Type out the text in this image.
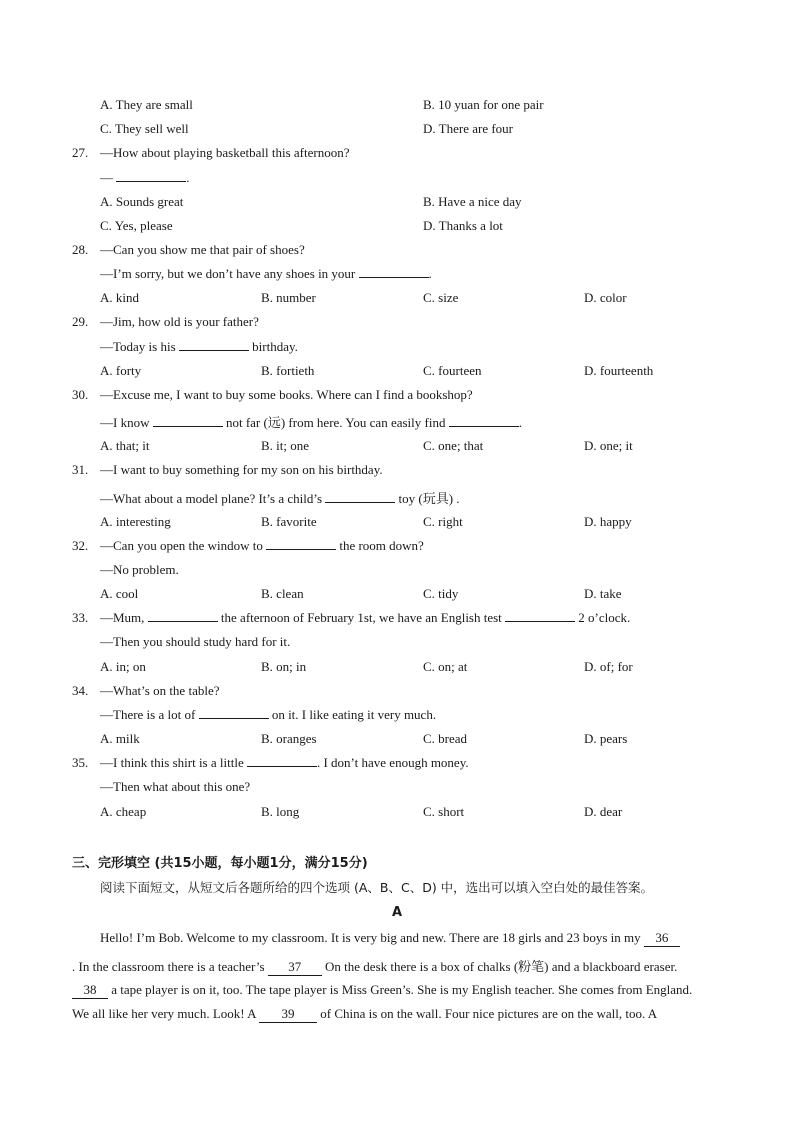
A. They are small	B. 10 yuan for one pair
C. They sell well	D. There are four
27. —How about playing basketball this afternoon?
—	.
A. Sounds great	B. Have a nice day
C. Yes, please	D. Thanks a lot
28. —Can you show me that pair of shoes?
—I’m sorry, but we don’t have any shoes in your	.
A. kind	B. number	C. size	D. color
29. —Jim, how old is your father?
—Today is his	birthday.
A. forty	B. fortieth	C. fourteen	D. fourteenth
30. —Excuse me, I want to buy some books. Where can I find a bookshop?
—I know	not far (远) from here. You can easily find	.
A. that; it	B. it; one	C. one; that	D. one; it
31. —I want to buy something for my son on his birthday.
—What about a model plane? It’s a child’s	toy (玩具) .
A. interesting	B. favorite	C. right	D. happy
32. —Can you open the window to	the room down?
—No problem.
A. cool	B. clean	C. tidy	D. take
33. —Mum,	the afternoon of February 1st, we have an English test	2 o’clock.
—Then you should study hard for it.
A. in; on	B. on; in	C. on; at	D. of; for
34. —What’s on the table?
—There is a lot of	on it. I like eating it very much.
A. milk	B. oranges	C. bread	D. pears
35. —I think this shirt is a little	. I don’t have enough money.
—Then what about this one?
A. cheap	B. long	C. short	D. dear
三、完形填空 (共15小题，每小题1分，满分15分)
阅读下面短文，从短文后各题所给的四个选项 (A、B、C、D) 中，选出可以填入空白处的最佳答案。
A
Hello! I’m Bob. Welcome to my classroom. It is very big and new. There are 18 girls and 23 boys in my 36
. In the classroom there is a teacher’s 37 On the desk there is a box of chalks (粉笔) and a blackboard eraser.
38 a tape player is on it, too. The tape player is Miss Green’s. She is my English teacher. She comes from England.
We all like her very much. Look! A 39 of China is on the wall. Four nice pictures are on the wall, too. A
